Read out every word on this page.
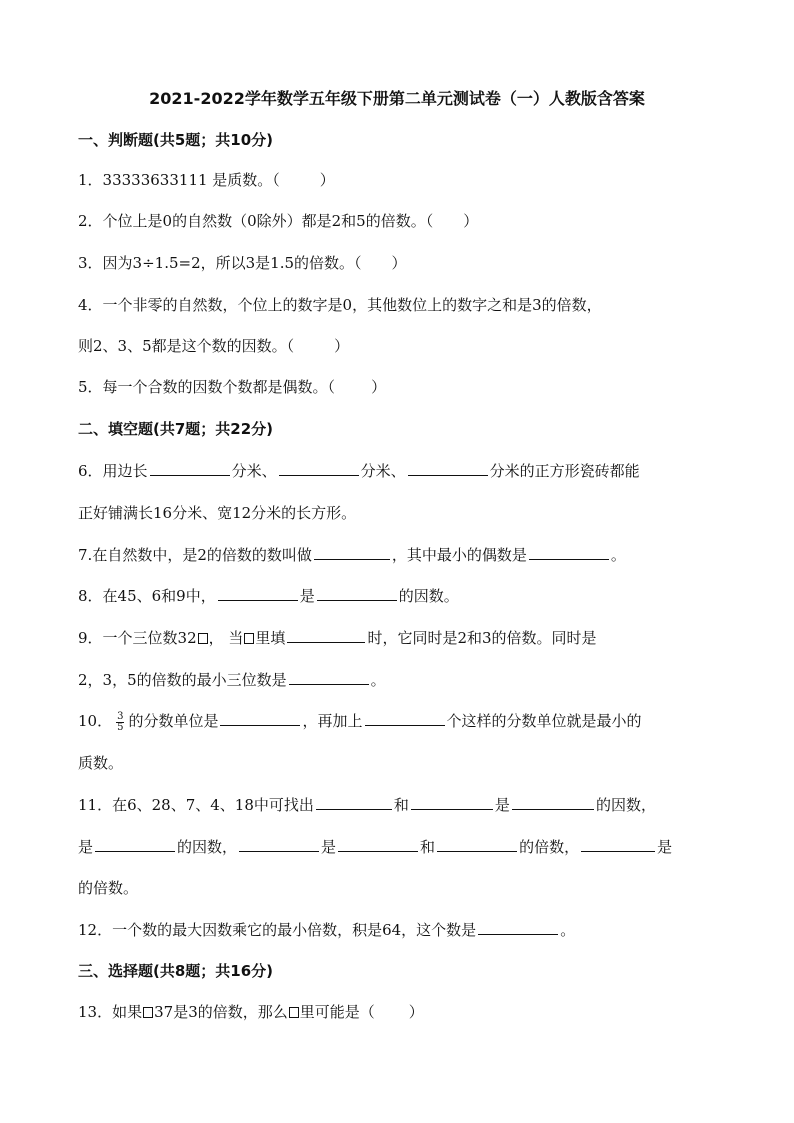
2021-2022学年数学五年级下册第二单元测试卷（一）人教版含答案
一、判断题(共5题；共10分)
1．33333633111 是质数。（	）
2．个位上是0的自然数（0除外）都是2和5的倍数。（ ）
3．因为3÷1.5=2，所以3是1.5的倍数。（ ）
4．一个非零的自然数，个位上的数字是0，其他数位上的数字之和是3的倍数，
则2、3、5都是这个数的因数。（	）
5．每一个合数的因数个数都是偶数。（ ）
二、填空题(共7题；共22分)
6．用边长	分米、	分米、	分米的正方形瓷砖都能
正好铺满长16分米、宽12分米的长方形。
7.在自然数中，是2的倍数的数叫做	，其中最小的偶数是	。
8．在45、6和9中，	是	的因数。
9．一个三位数32 ， 当 里填	时，它同时是2和3的倍数。同时是
2，3，5的倍数的最小三位数是	。
10． $\frac{3}{5}$ 的分数单位是	，再加上	个这样的分数单位就是最小的
质数。
11．在6、28、7、4、18中可找出	和	是	的因数，
是	的因数，	是	和	的倍数，	是
的倍数。
12．一个数的最大因数乘它的最小倍数，积是64，这个数是	。
三、选择题(共8题；共16分)
13．如果 37是3的倍数，那么 里可能是（ ）
